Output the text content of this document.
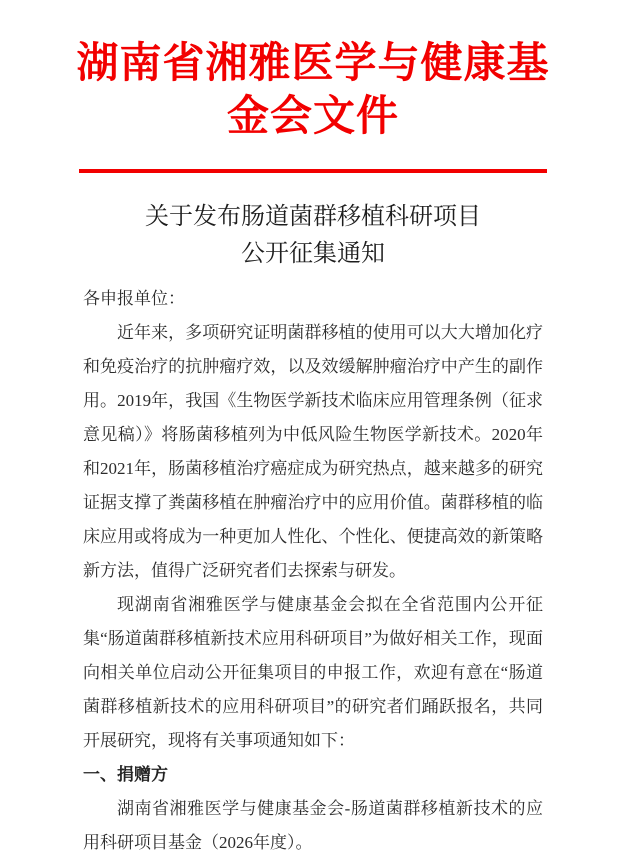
湖南省湘雅医学与健康基
金会文件
关于发布肠道菌群移植科研项目
公开征集通知

各申报单位：

近年来，多项研究证明菌群移植的使用可以大大增加化疗和免疫治疗的抗肿瘤疗效，以及效缓解肿瘤治疗中产生的副作用。2019年，我国《生物医学新技术临床应用管理条例（征求意见稿）》将肠菌移植列为中低风险生物医学新技术。2020年和2021年，肠菌移植治疗癌症成为研究热点，越来越多的研究证据支撑了粪菌移植在肿瘤治疗中的应用价值。菌群移植的临床应用或将成为一种更加人性化、个性化、便捷高效的新策略新方法，值得广泛研究者们去探索与研发。

现湖南省湘雅医学与健康基金会拟在全省范围内公开征集“肠道菌群移植新技术应用科研项目”为做好相关工作，现面向相关单位启动公开征集项目的申报工作，欢迎有意在“肠道菌群移植新技术的应用科研项目”的研究者们踊跃报名，共同开展研究，现将有关事项通知如下：

一、捐赠方

湖南省湘雅医学与健康基金会-肠道菌群移植新技术的应用科研项目基金（2026年度）。
